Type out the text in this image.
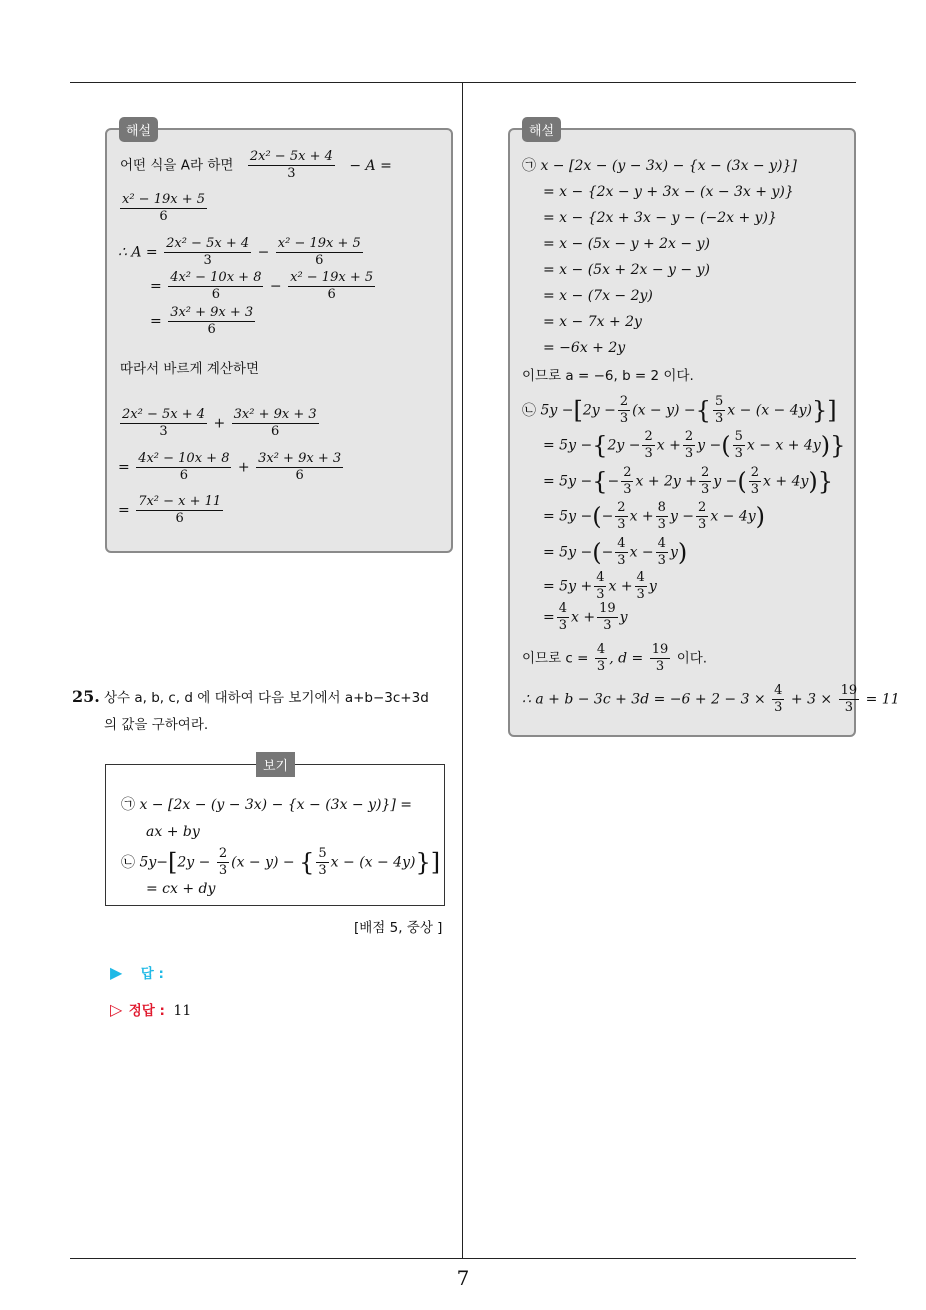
해설
어떤 식을 A라 하면 $\frac{\text{2x² − 5x + 4}}{3} - A$ =
$\frac{\text{x² − 19x + 5}}{6}$
∴ $A = \frac{\text{2x² − 5x + 4}}{3} - \frac{\text{x² − 19x + 5}}{6}$
= $\frac{\text{4x² − 10x + 8}}{6} - \frac{\text{x² − 19x + 5}}{6}$
= $\frac{\text{3x² + 9x + 3}}{6}$
따라서 바르게 계산하면
$\frac{\text{2x² − 5x + 4}}{3} + \frac{\text{3x² + 9x + 3}}{6}$
= $\frac{\text{4x² − 10x + 8}}{6} + \frac{\text{3x² + 9x + 3}}{6}$
= $\frac{\text{7x² − x + 11}}{6}$
25. 상수 a, b, c, d 에 대하여 다음 보기에서 a+b−3c+3d
의 값을 구하여라.
보기
㉠ x − [2x − (y − 3x) − {x − (3x − y)}] =
ax + by
㉡ $5y-[2y - \frac{2}{3} (x - y)$ − { $\frac{5}{3}$ x − (x − 4y)}]
= cx + dy
[배점 5, 중상 ]
▶ 답 :
▷ 정답 : 11
해설
㉠ x − [2x − (y − 3x) − {x − (3x − y)}]
= x − {2x − y + 3x − (x − 3x + y)}
= x − {2x + 3x − y − (−2x + y)}
= x − (5x − y + 2x − y)
= x − (5x + 2x − y − y)
= x − (7x − 2y)
= x − 7x + 2y
= −6x + 2y
이므로 a = −6, b = 2 이다.
㉡ $5y -[2y - \frac{2}{3} (x - y)$ −{ $\frac{5}{3}$ x − (x − 4y)}]
= $5y -\{2y - \frac{2}{3}$ $x + \frac{2}{3}$ y −( $\frac{5}{3}$ x − x + 4y)}
= 5y −{− $\frac{2}{3}$ $x + 2y + \frac{2}{3}$ y −( $\frac{2}{3}$ x + 4y)}
= 5y −(− $\frac{2}{3}$ $x + \frac{8}{3}$ $y - \frac{2}{3}$ x − 4y)
= 5y −(− $\frac{4}{3}$ $x - \frac{4}{3} y$)
= $5y + \frac{4}{3}$ $x + \frac{4}{3}$ y
= $\frac{4}{3}$ $x + \frac{19}{3}$ y
이므로 $c = \frac{4}{3}$ , $d = \frac{19}{3}$ 이다.
∴ $a + b - 3c + 3d = -6 + 2 - 3 \times \frac{4}{3} + 3 \times \frac{19}{3} = 11$
7
